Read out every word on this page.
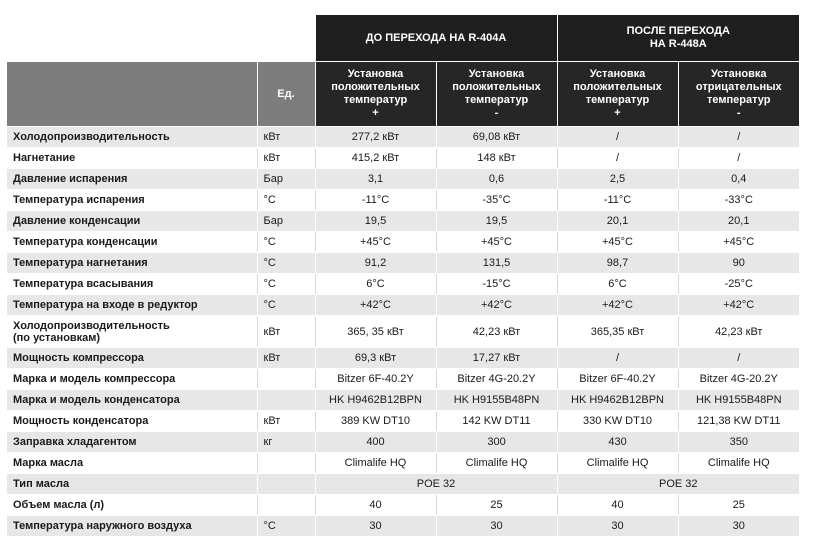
		ДО ПЕРЕХОДА НА R-404A		ПОСЛЕ ПЕРЕХОДА
НА R-448A	
	Ед.	Установка
положительных
температур
+	Установка
положительных
температур
-	Установка
положительных
температур
+	Установка
отрицательных
температур
-
Холодопроизводительность	кВт	277,2 кВт	69,08 кВт	/	/
Нагнетание	кВт	415,2 кВт	148 кВт	/	/
Давление испарения	Бар	3,1	0,6	2,5	0,4
Температура испарения	°С	-11°С	-35°С	-11°С	-33°С
Давление конденсации	Бар	19,5	19,5	20,1	20,1
Температура конденсации	°С	+45°С	+45°С	+45°С	+45°С
Температура нагнетания	°С	91,2	131,5	98,7	90
Температура всасывания	°С	6°С	-15°С	6°С	-25°С
Температура на входе в редуктор	°С	+42°С	+42°С	+42°С	+42°С
Холодопроизводительность
(по установкам)	кВт	365, 35 кВт	42,23 кВт	365,35 кВт	42,23 кВт
Мощность компрессора	кВт	69,3 кВт	17,27 кВт	/	/
Марка и модель компрессора		Bitzer 6F-40.2Y	Bitzer 4G-20.2Y	Bitzer 6F-40.2Y	Bitzer 4G-20.2Y
Марка и модель конденсатора		HK H9462B12BPN	HK H9155B48PN	HK H9462B12BPN	HK H9155B48PN
Мощность конденсатора	кВт	389 KW DT10	142 KW DT11	330 KW DT10	121,38 KW DT11
Заправка хладагентом	кг	400	300	430	350
Марка масла		Climalife HQ	Climalife HQ	Climalife HQ	Climalife HQ
Тип масла		POE 32		POE 32	
Объем масла (л)		40	25	40	25
Температура наружного воздуха	°С	30	30	30	30
